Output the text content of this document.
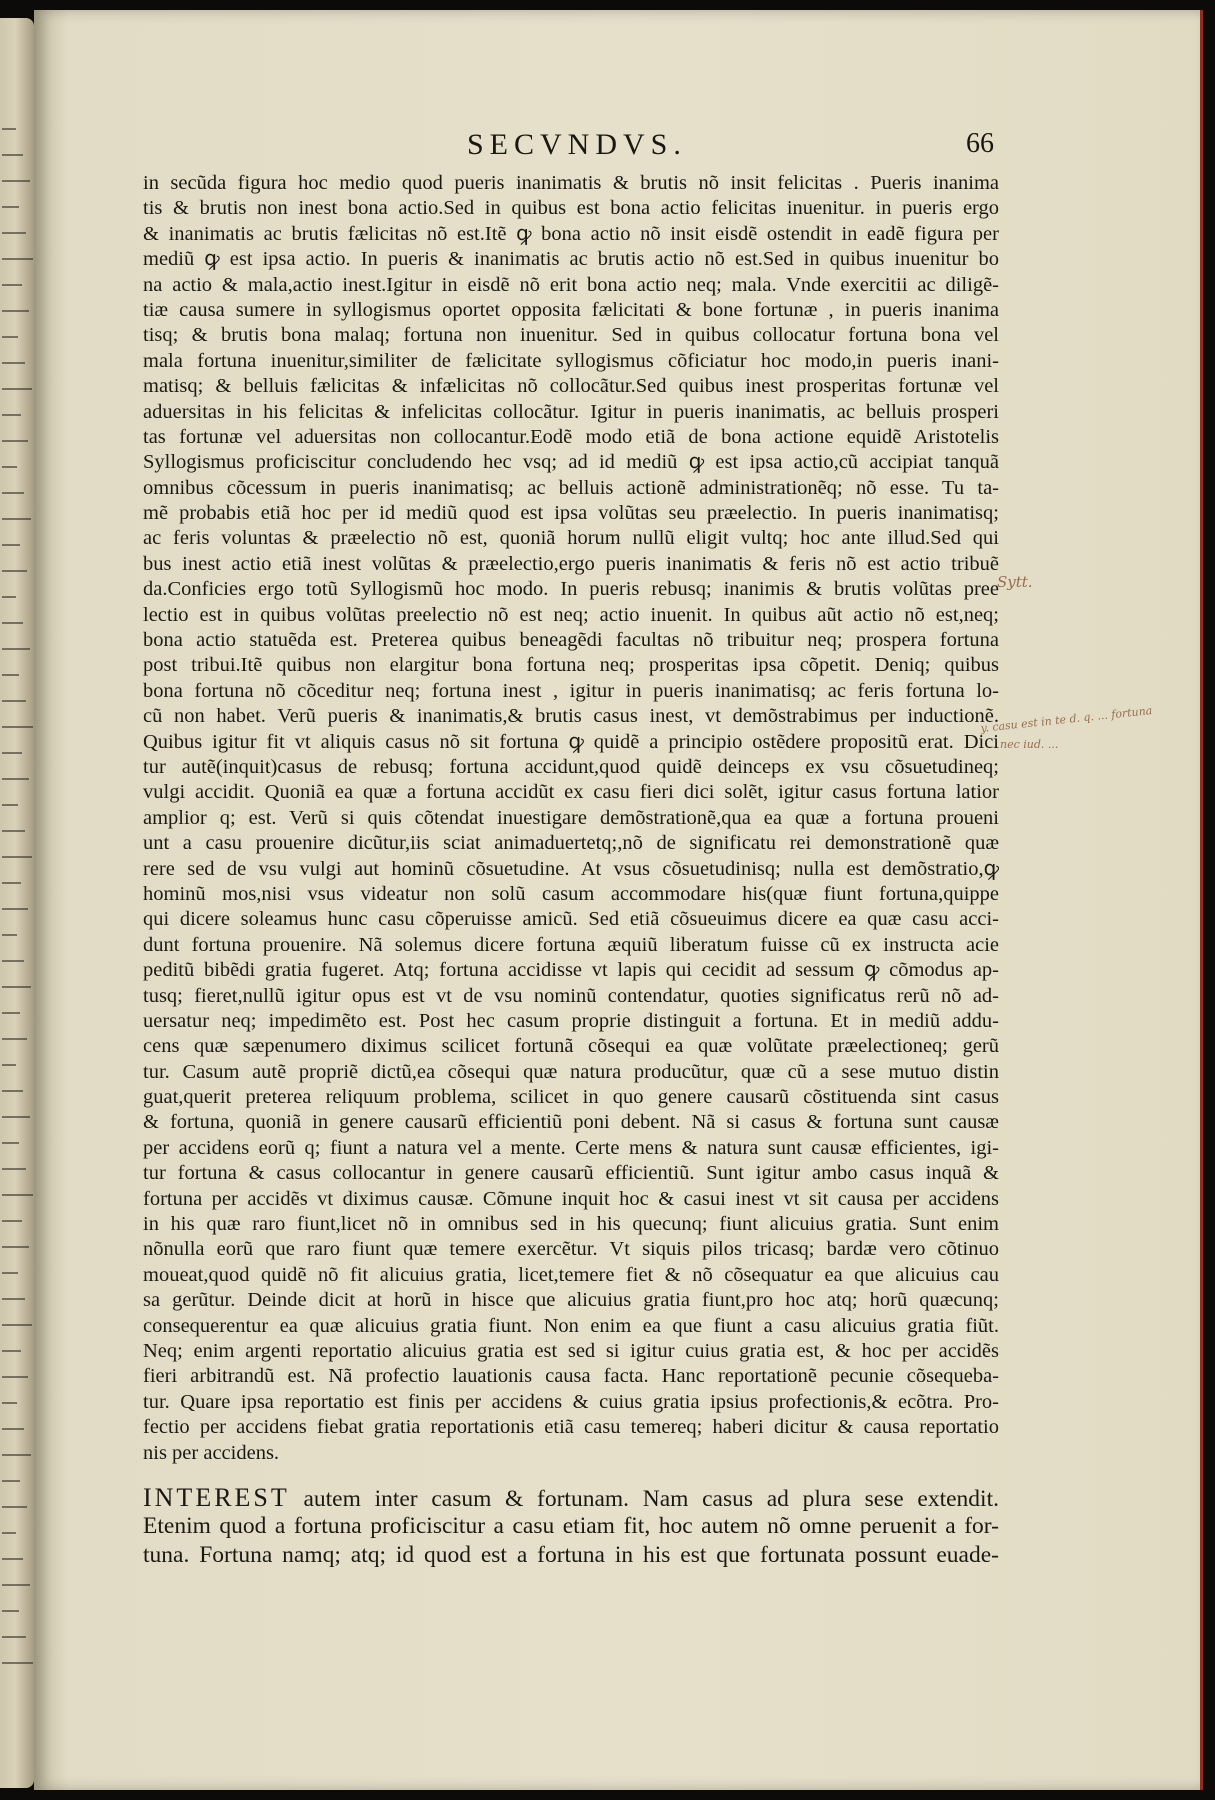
SECVNDVS.	66
in secũda figura hoc medio quod pueris inanimatis & brutis nõ insit felicitas . Pueris inanima
tis & brutis non inest bona actio.Sed in quibus est bona actio felicitas inuenitur. in pueris ergo
& inanimatis ac brutis fælicitas nõ est.Itẽ ꝙ bona actio nõ insit eisdẽ ostendit in eadẽ figura per
mediũ ꝙ est ipsa actio. In pueris & inanimatis ac brutis actio nõ est.Sed in quibus inuenitur bo
na actio & mala,actio inest.Igitur in eisdẽ nõ erit bona actio neq; mala. Vnde exercitii ac diligẽ-
tiæ causa sumere in syllogismus oportet opposita fælicitati & bone fortunæ , in pueris inanima
tisq; & brutis bona malaq; fortuna non inuenitur. Sed in quibus collocatur fortuna bona vel
mala fortuna inuenitur,similiter de fælicitate syllogismus cõficiatur hoc modo,in pueris inani-
matisq; & belluis fælicitas & infælicitas nõ collocãtur.Sed quibus inest prosperitas fortunæ vel
aduersitas in his felicitas & infelicitas collocãtur. Igitur in pueris inanimatis, ac belluis prosperi
tas fortunæ vel aduersitas non collocantur.Eodẽ modo etiã de bona actione equidẽ Aristotelis
Syllogismus proficiscitur concludendo hec vsq; ad id mediũ ꝙ est ipsa actio,cũ accipiat tanquã
omnibus cõcessum in pueris inanimatisq; ac belluis actionẽ administrationẽq; nõ esse. Tu ta-
mẽ probabis etiã hoc per id mediũ quod est ipsa volũtas seu præelectio. In pueris inanimatisq;
ac feris voluntas & præelectio nõ est, quoniã horum nullũ eligit vultq; hoc ante illud.Sed qui
bus inest actio etiã inest volũtas & præelectio,ergo pueris inanimatis & feris nõ est actio tribuẽ
da.Conficies ergo totũ Syllogismũ hoc modo. In pueris rebusq; inanimis & brutis volũtas pree
lectio est in quibus volũtas preelectio nõ est neq; actio inuenit. In quibus aũt actio nõ est,neq;
bona actio statuẽda est. Preterea quibus beneagẽdi facultas nõ tribuitur neq; prospera fortuna
post tribui.Itẽ quibus non elargitur bona fortuna neq; prosperitas ipsa cõpetit. Deniq; quibus
bona fortuna nõ cõceditur neq; fortuna inest , igitur in pueris inanimatisq; ac feris fortuna lo-
cũ non habet. Verũ pueris & inanimatis,& brutis casus inest, vt demõstrabimus per inductionẽ.
Quibus igitur fit vt aliquis casus nõ sit fortuna ꝙ quidẽ a principio ostẽdere propositũ erat. Dici
tur autẽ(inquit)casus de rebusq; fortuna accidunt,quod quidẽ deinceps ex vsu cõsuetudineq;
vulgi accidit. Quoniã ea quæ a fortuna accidũt ex casu fieri dici solẽt, igitur casus fortuna latior
amplior q; est. Verũ si quis cõtendat inuestigare demõstrationẽ,qua ea quæ a fortuna proueni
unt a casu prouenire dicũtur,iis sciat animaduertetq;,nõ de significatu rei demonstrationẽ quæ
rere sed de vsu vulgi aut hominũ cõsuetudine. At vsus cõsuetudinisq; nulla est demõstratio,ꝙ
hominũ mos,nisi vsus videatur non solũ casum accommodare his(quæ fiunt fortuna,quippe
qui dicere soleamus hunc casu cõperuisse amicũ. Sed etiã cõsueuimus dicere ea quæ casu acci-
dunt fortuna prouenire. Nã solemus dicere fortuna æquiũ liberatum fuisse cũ ex instructa acie
peditũ bibẽdi gratia fugeret. Atq; fortuna accidisse vt lapis qui cecidit ad sessum ꝙ cõmodus ap-
tusq; fieret,nullũ igitur opus est vt de vsu nominũ contendatur, quoties significatus rerũ nõ ad-
uersatur neq; impedimẽto est. Post hec casum proprie distinguit a fortuna. Et in mediũ addu-
cens quæ sæpenumero diximus scilicet fortunã cõsequi ea quæ volũtate præelectioneq; gerũ
tur. Casum autẽ propriẽ dictũ,ea cõsequi quæ natura producũtur, quæ cũ a sese mutuo distin
guat,querit preterea reliquum problema, scilicet in quo genere causarũ cõstituenda sint casus
& fortuna, quoniã in genere causarũ efficientiũ poni debent. Nã si casus & fortuna sunt causæ
per accidens eorũ q; fiunt a natura vel a mente. Certe mens & natura sunt causæ efficientes, igi-
tur fortuna & casus collocantur in genere causarũ efficientiũ. Sunt igitur ambo casus inquã &
fortuna per accidẽs vt diximus causæ. Cõmune inquit hoc & casui inest vt sit causa per accidens
in his quæ raro fiunt,licet nõ in omnibus sed in his quecunq; fiunt alicuius gratia. Sunt enim
nõnulla eorũ que raro fiunt quæ temere exercẽtur. Vt siquis pilos tricasq; bardæ vero cõtinuo
moueat,quod quidẽ nõ fit alicuius gratia, licet,temere fiet & nõ cõsequatur ea que alicuius cau
sa gerũtur. Deinde dicit at horũ in hisce que alicuius gratia fiunt,pro hoc atq; horũ quæcunq;
consequerentur ea quæ alicuius gratia fiunt. Non enim ea que fiunt a casu alicuius gratia fiũt.
Neq; enim argenti reportatio alicuius gratia est sed si igitur cuius gratia est, & hoc per accidẽs
fieri arbitrandũ est. Nã profectio lauationis causa facta. Hanc reportationẽ pecunie cõsequeba-
tur. Quare ipsa reportatio est finis per accidens & cuius gratia ipsius profectionis,& ecõtra. Pro-
fectio per accidens fiebat gratia reportationis etiã casu temereq; haberi dicitur & causa reportatio
nis per accidens.
INTEREST autem inter casum & fortunam. Nam casus ad plura sese extendit.
Etenim quod a fortuna proficiscitur a casu etiam fit, hoc autem nõ omne peruenit a for-
tuna. Fortuna namq; atq; id quod est a fortuna in his est que fortunata possunt euade-
Sytt.
y. casu est in te d. q. ... fortuna
... nec iud. ...
